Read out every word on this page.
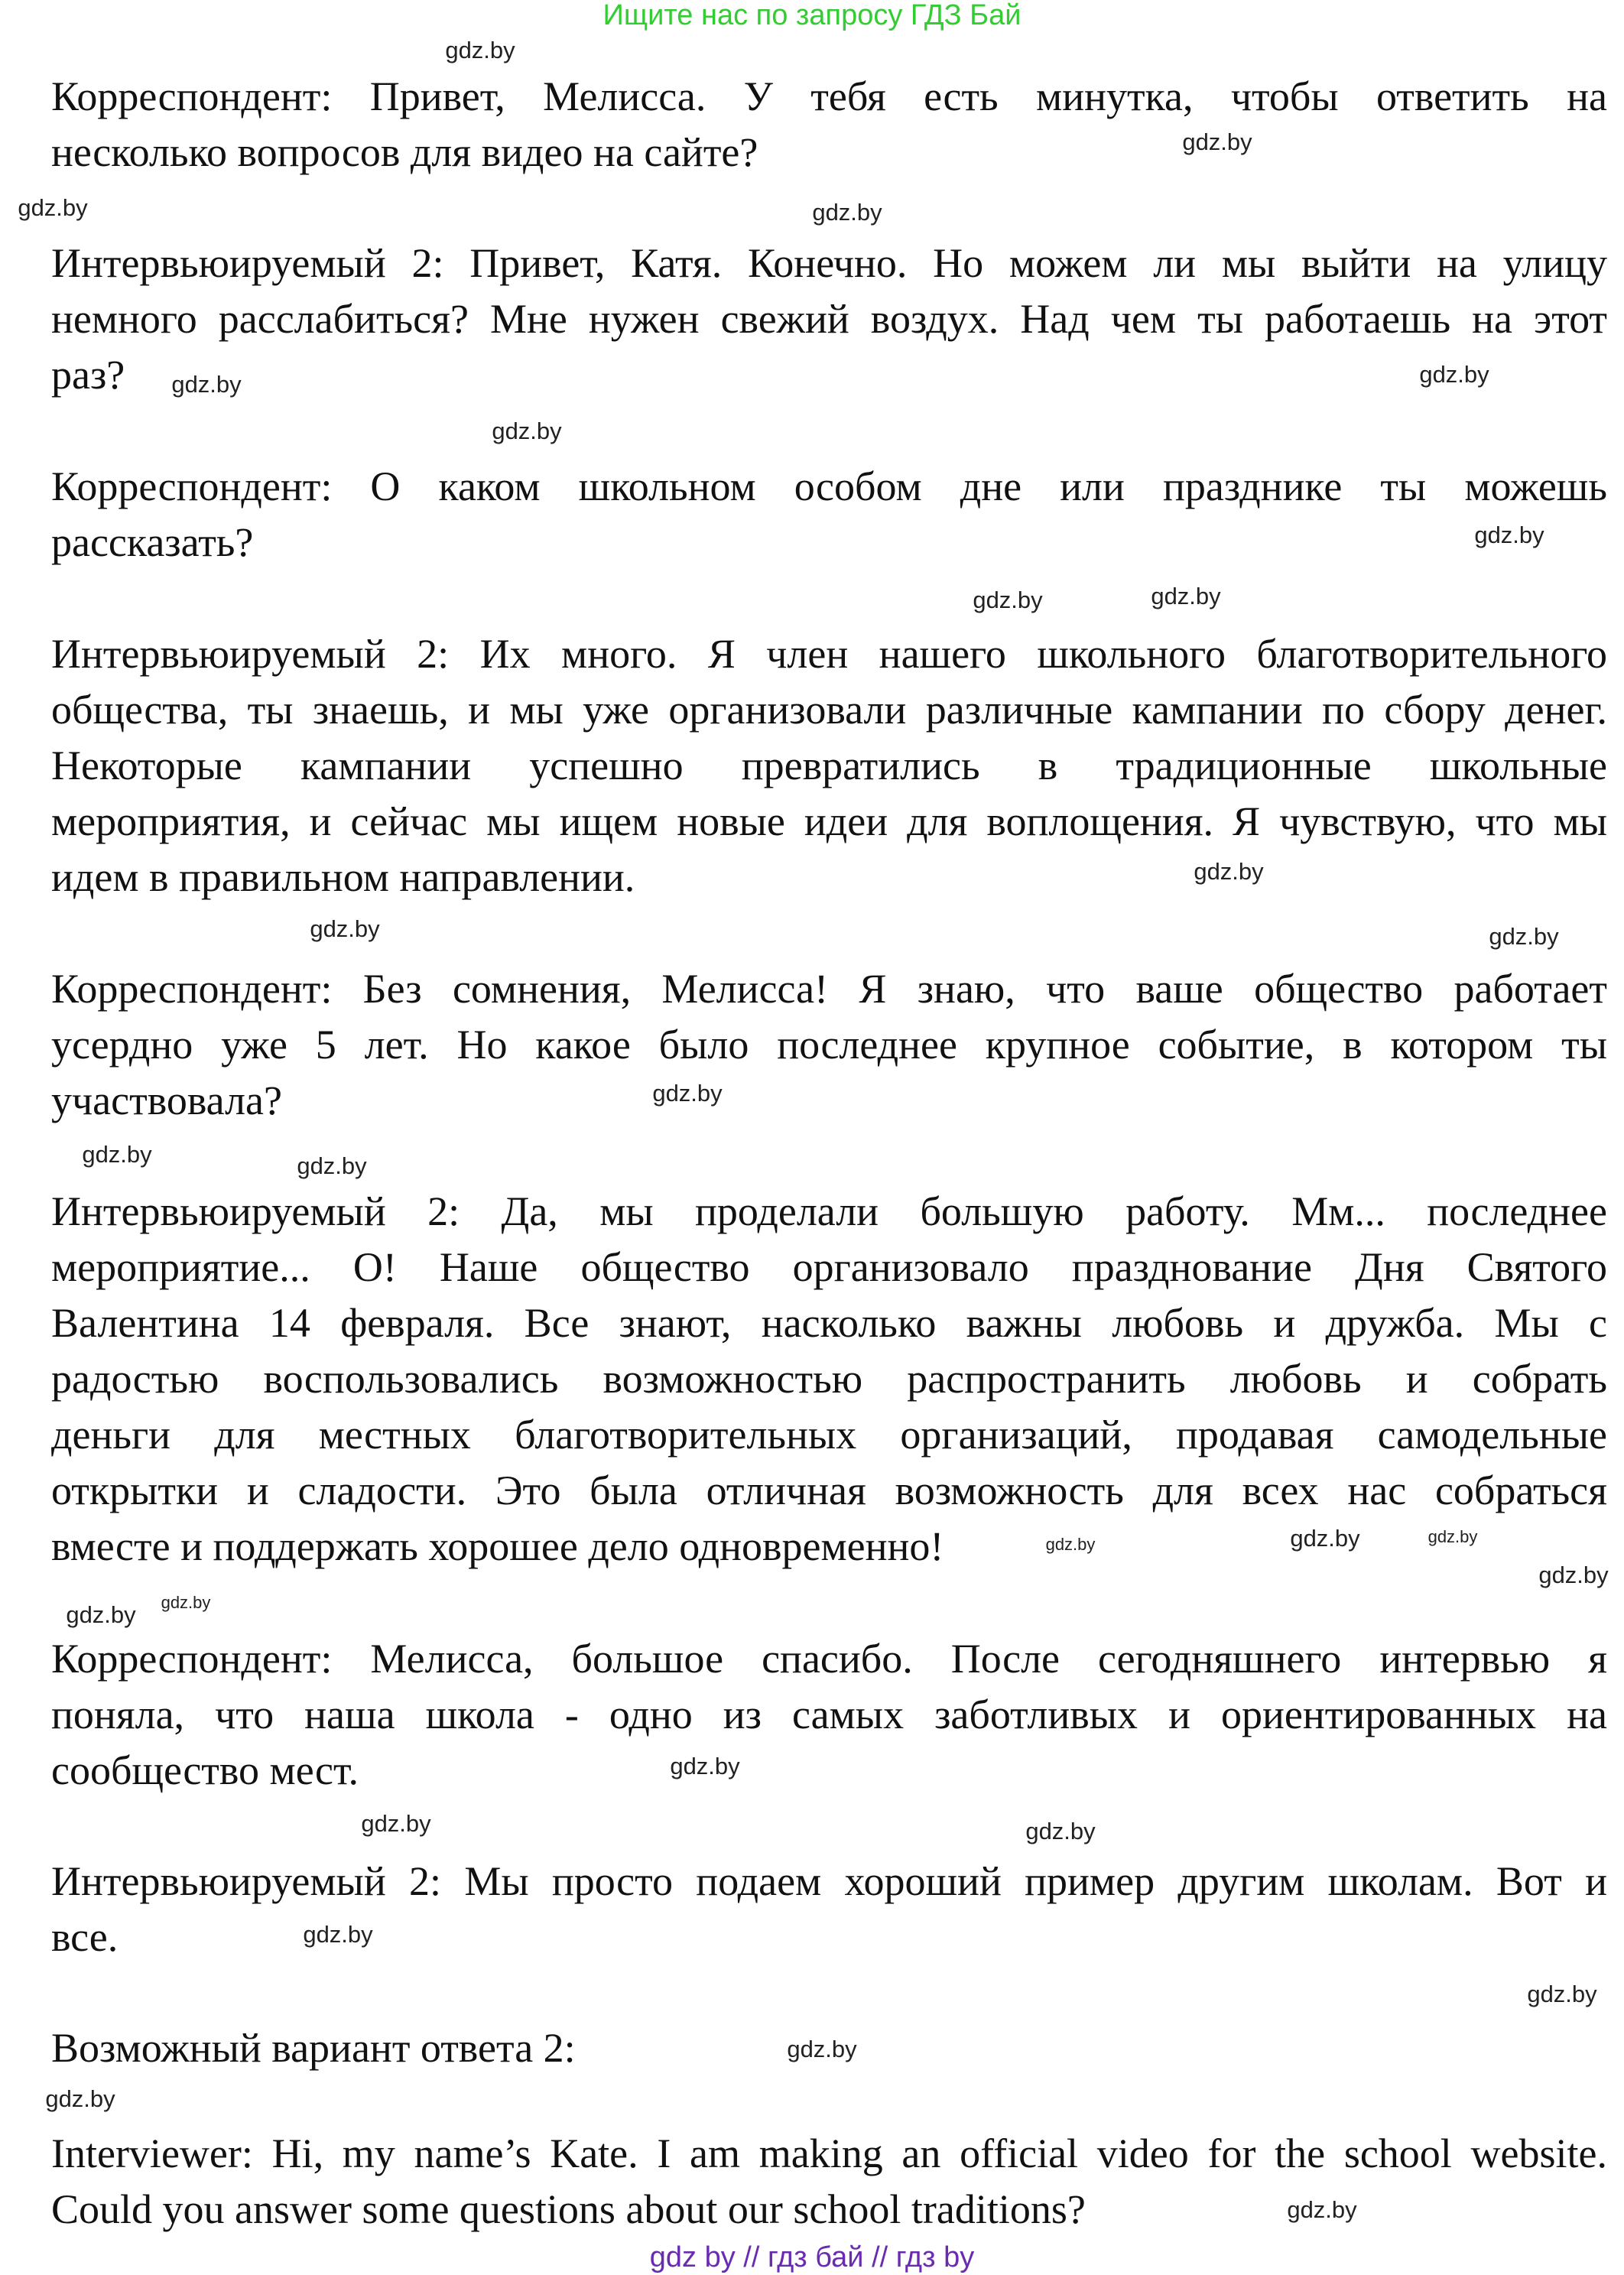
Ищите нас по запросу ГДЗ Бай
Корреспондент: Привет, Мелисса. У тебя есть минутка, чтобы ответить на
несколько вопросов для видео на сайте?
Интервьюируемый 2: Привет, Катя. Конечно. Но можем ли мы выйти на улицу
немного расслабиться? Мне нужен свежий воздух. Над чем ты работаешь на этот
раз?
Корреспондент: О каком школьном особом дне или празднике ты можешь
рассказать?
Интервьюируемый 2: Их много. Я член нашего школьного благотворительного
общества, ты знаешь, и мы уже организовали различные кампании по сбору денег.
Некоторые кампании успешно превратились в традиционные школьные
мероприятия, и сейчас мы ищем новые идеи для воплощения. Я чувствую, что мы
идем в правильном направлении.
Корреспондент: Без сомнения, Мелисса! Я знаю, что ваше общество работает
усердно уже 5 лет. Но какое было последнее крупное событие, в котором ты
участвовала?
Интервьюируемый 2: Да, мы проделали большую работу. Мм... последнее
мероприятие... О! Наше общество организовало празднование Дня Святого
Валентина 14 февраля. Все знают, насколько важны любовь и дружба. Мы с
радостью воспользовались возможностью распространить любовь и собрать
деньги для местных благотворительных организаций, продавая самодельные
открытки и сладости. Это была отличная возможность для всех нас собраться
вместе и поддержать хорошее дело одновременно!
Корреспондент: Мелисса, большое спасибо. После сегодняшнего интервью я
поняла, что наша школа - одно из самых заботливых и ориентированных на
сообщество мест.
Интервьюируемый 2: Мы просто подаем хороший пример другим школам. Вот и
все.
Возможный вариант ответа 2:
Interviewer: Hi, my name’s Kate. I am making an official video for the school website.
Could you answer some questions about our school traditions?
gdz.by
gdz.by
gdz.by	gdz.by
gdz.by
gdz.by
gdz.by
gdz.by
gdz.by
gdz.by
gdz.by
gdz.by	gdz.by
gdz.by
gdz.by	gdz.by
gdz.by
gdz.by	gdz.by
gdz.by
gdz.by
gdz.by
gdz.by
gdz.by	gdz.by
gdz.by
gdz.by
gdz.by
gdz.by
gdz.by
gdz by // гдз бай // гдз by
